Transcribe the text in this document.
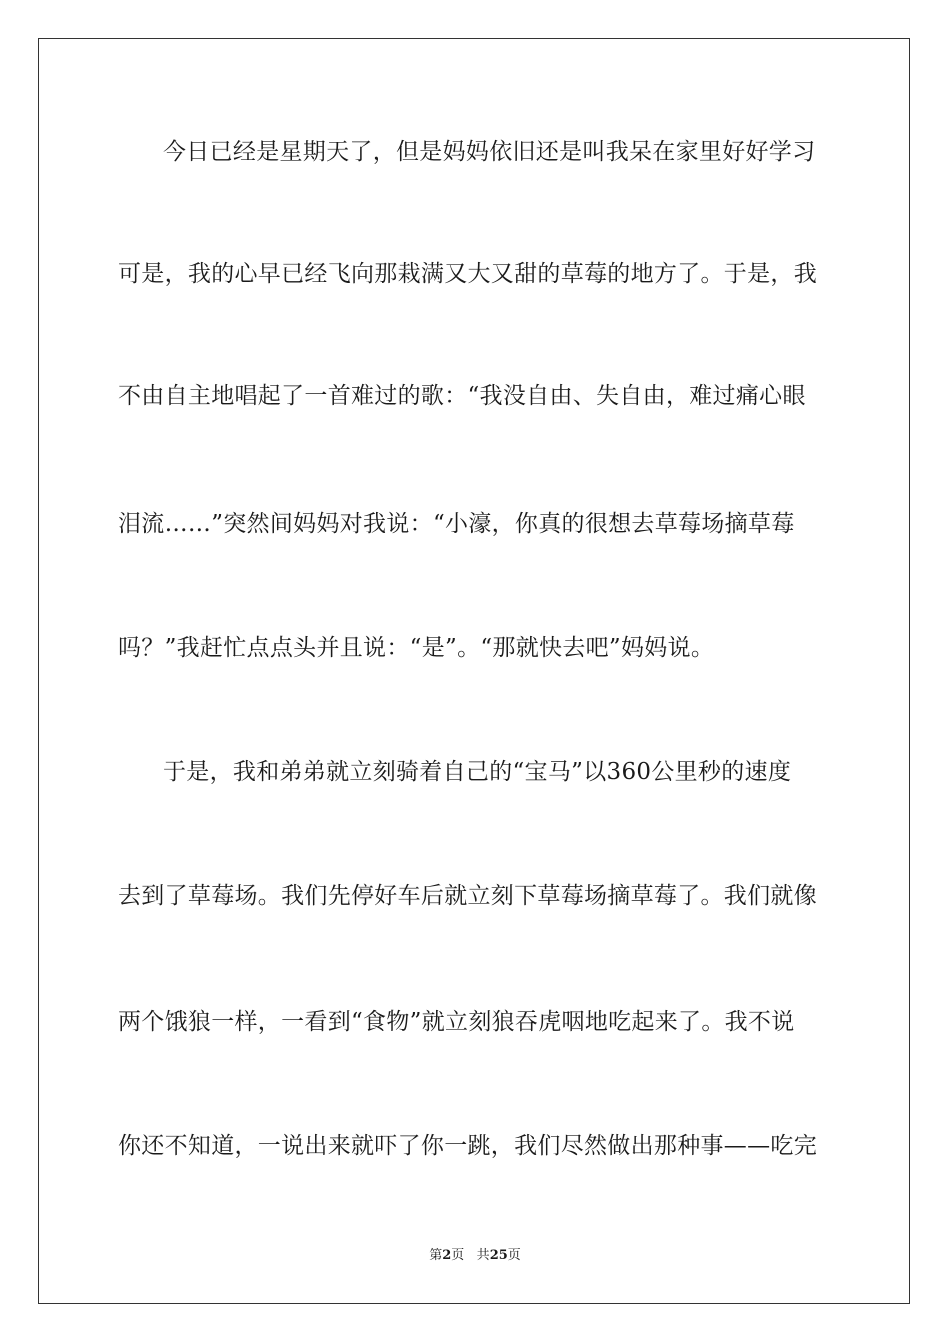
今日已经是星期天了，但是妈妈依旧还是叫我呆在家里好好学习
可是，我的心早已经飞向那栽满又大又甜的草莓的地方了。于是，我
不由自主地唱起了一首难过的歌：“我没自由、失自由，难过痛心眼
泪流……”突然间妈妈对我说：“小濠，你真的很想去草莓场摘草莓
吗？”我赶忙点点头并且说：“是”。“那就快去吧”妈妈说。
于是，我和弟弟就立刻骑着自己的“宝马”以360公里秒的速度
去到了草莓场。我们先停好车后就立刻下草莓场摘草莓了。我们就像
两个饿狼一样，一看到“食物”就立刻狼吞虎咽地吃起来了。我不说
你还不知道，一说出来就吓了你一跳，我们尽然做出那种事——吃完
第2页 共25页
